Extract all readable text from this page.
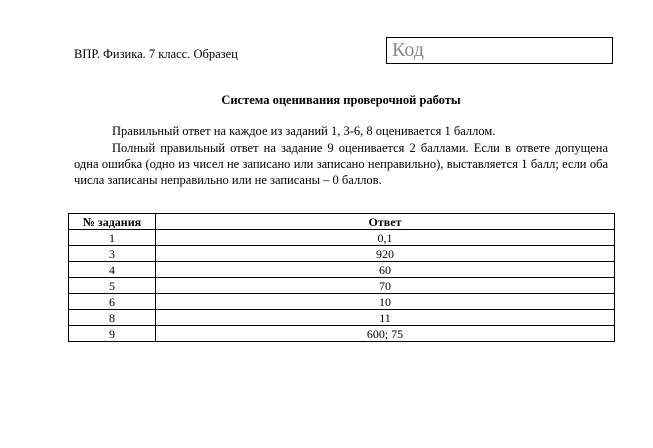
ВПР. Физика. 7 класс. Образец	Код
Система оценивания проверочной работы
Правильный ответ на каждое из заданий 1, 3-6, 8 оценивается 1 баллом.
Полный правильный ответ на задание 9 оценивается 2 баллами. Если в ответе допущена одна ошибка (одно из чисел не записано или записано неправильно), выставляется 1 балл; если оба числа записаны неправильно или не записаны – 0 баллов.
№ задания	Ответ
1	0,1
3	920
4	60
5	70
6	10
8	11
9	600; 75
